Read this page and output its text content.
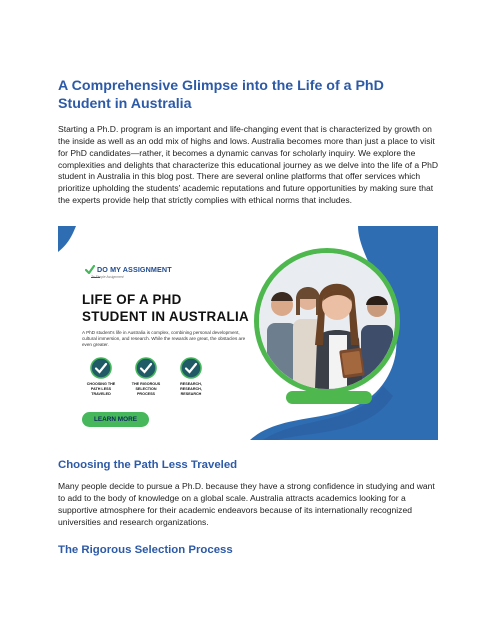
A Comprehensive Glimpse into the Life of a PhD Student in Australia
Starting a Ph.D. program is an important and life-changing event that is characterized by growth on the inside as well as an odd mix of highs and lows. Australia becomes more than just a place to visit for PhD candidates—rather, it becomes a dynamic canvas for scholarly inquiry. We explore the complexities and delights that characterize this educational journey as we delve into the life of a PhD student in Australia in this blog post. There are several online platforms that offer services which prioritize upholding the students' academic reputations and future opportunities by making sure that the experts provide help that strictly complies with ethical norms that includes.
DO MY ASSIGNMENT
To Simple Assignment
LIFE OF A PHD
STUDENT IN AUSTRALIA
A PhD student's life in Australia is complex, combining personal development, cultural immersion, and research. While the rewards are great, the obstacles are even greater.
CHOOSING THE
PATH LESS
TRAVELED
THE RIGOROUS
SELECTION
PROCESS
RESEARCH,
RESEARCH,
RESEARCH
LEARN MORE
Choosing the Path Less Traveled
Many people decide to pursue a Ph.D. because they have a strong confidence in studying and want to add to the body of knowledge on a global scale. Australia attracts academics looking for a supportive atmosphere for their academic endeavors because of its internationally recognized universities and research organizations.
The Rigorous Selection Process
